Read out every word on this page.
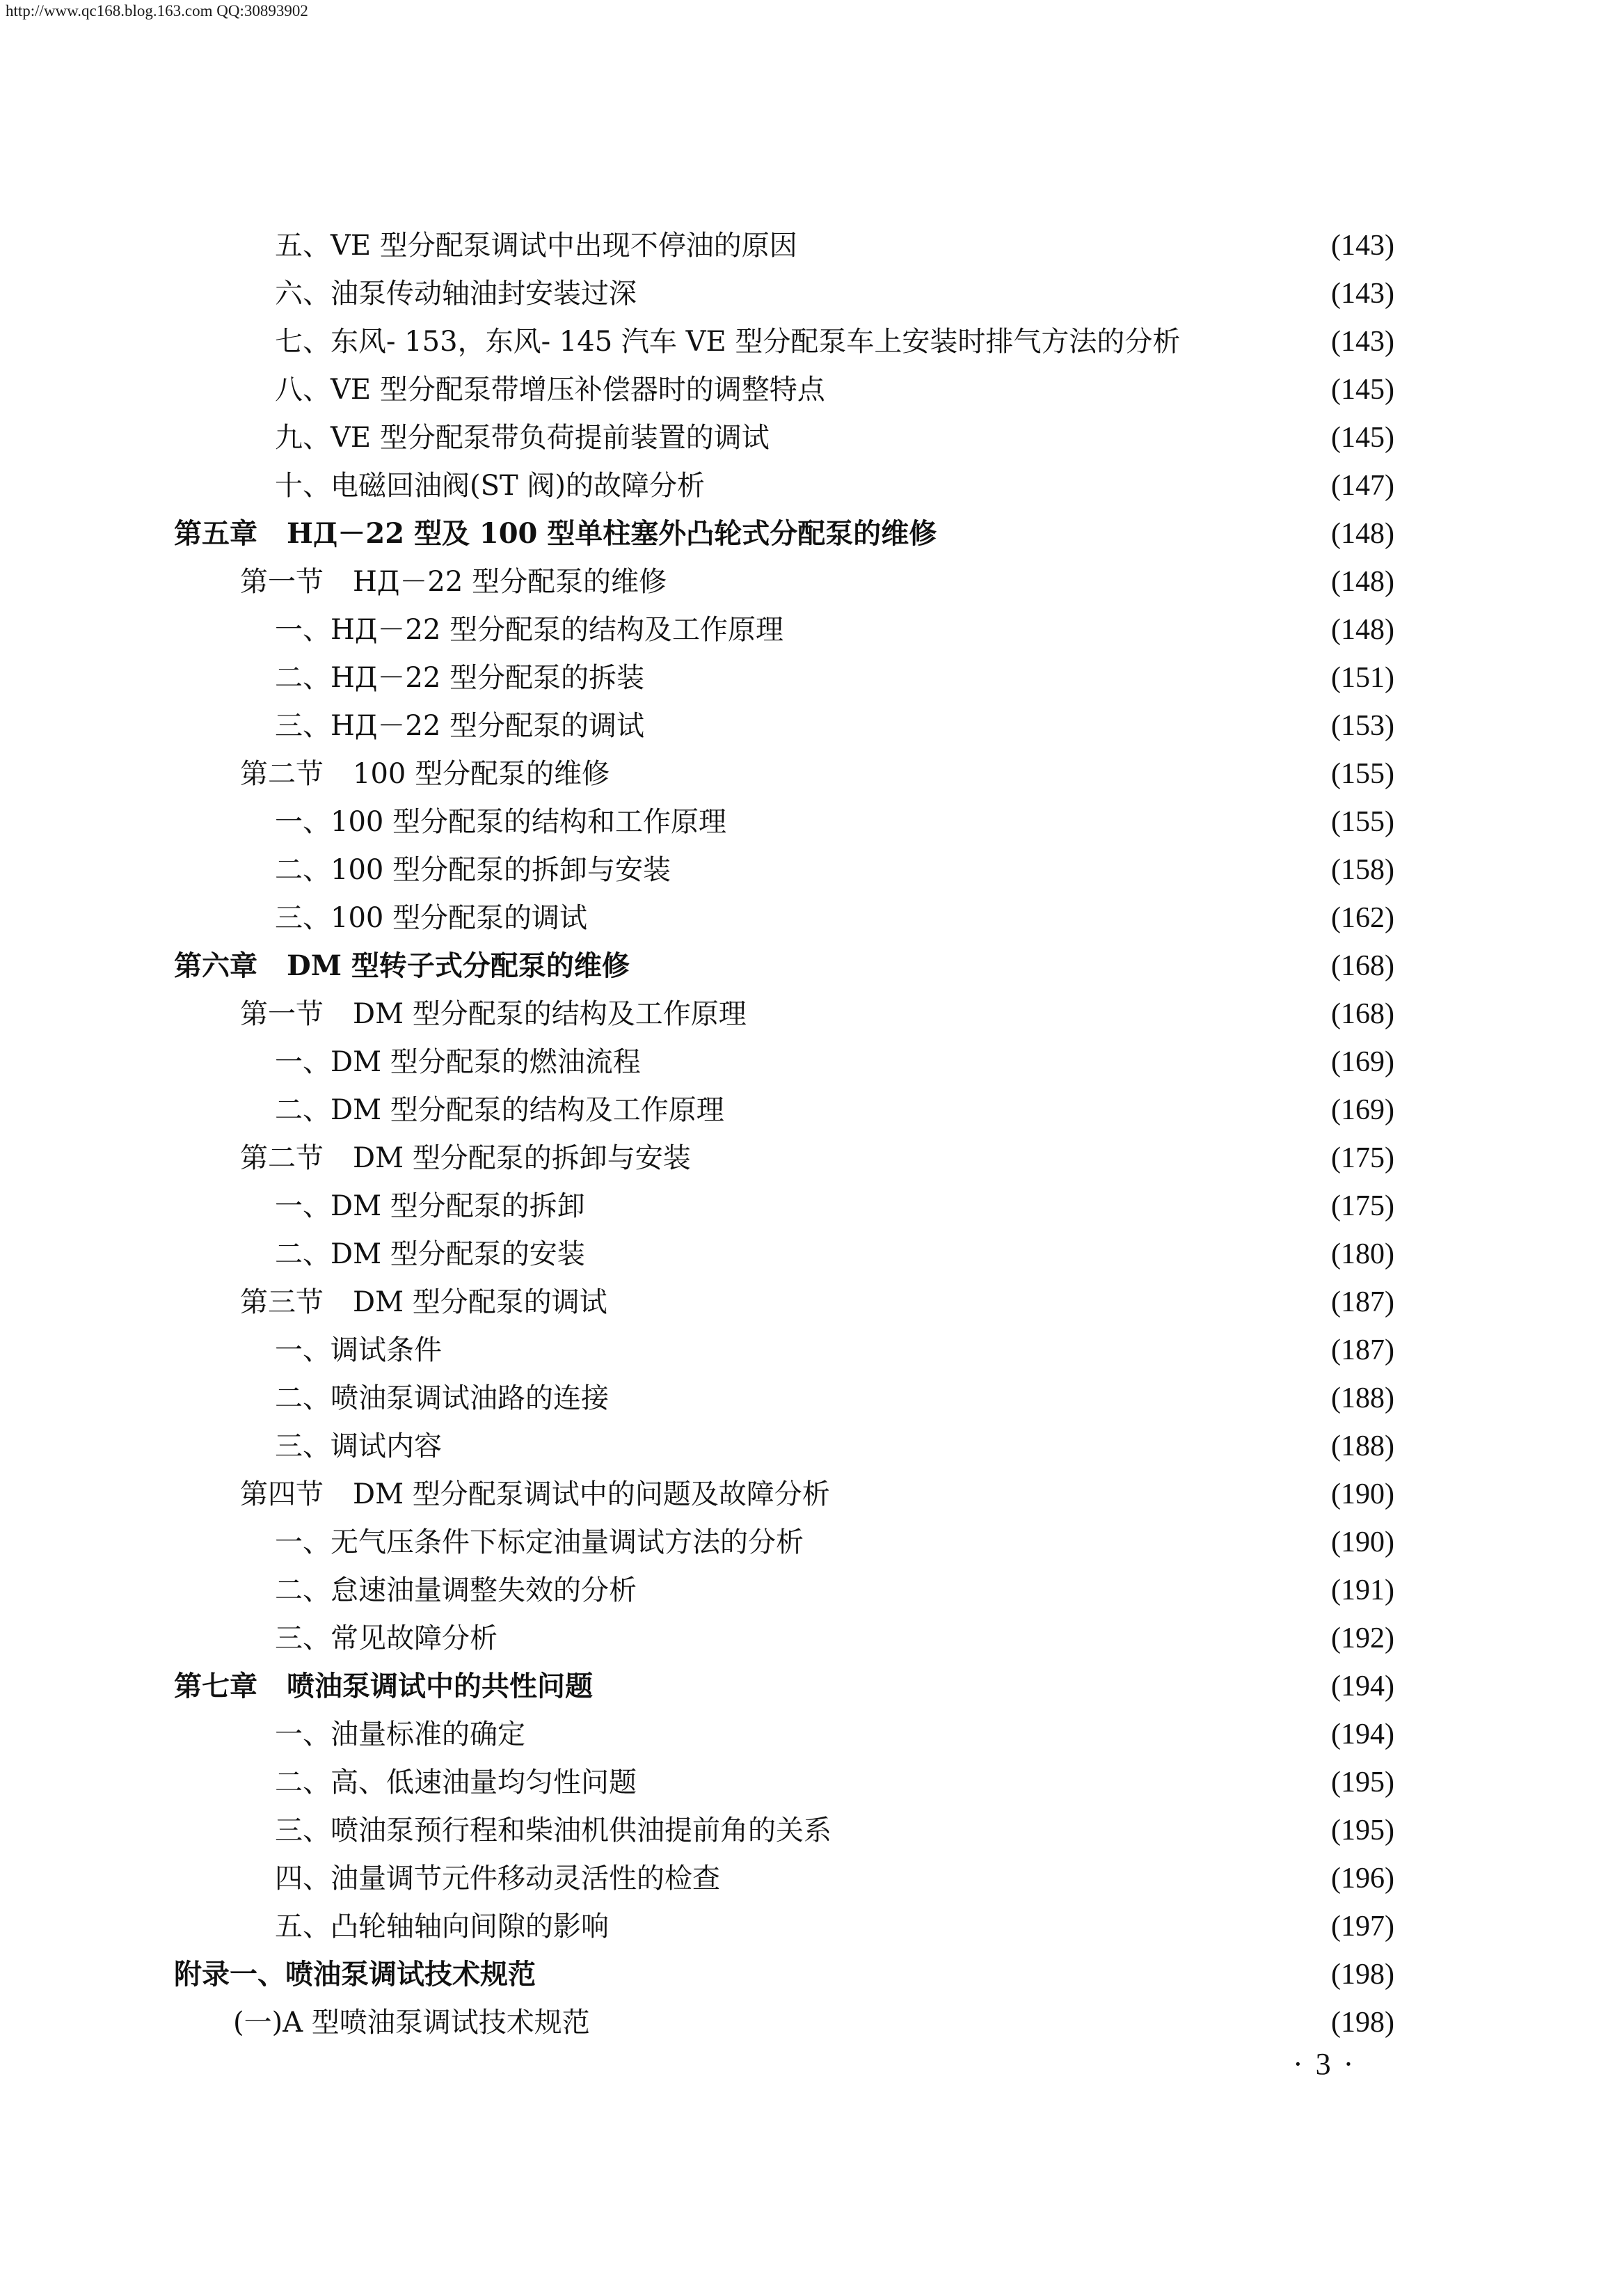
http://www.qc168.blog.163.com QQ:30893902
五、VE 型分配泵调试中出现不停油的原因	(143)
六、油泵传动轴油封安装过深	(143)
七、东风- 153，东风- 145 汽车 VE 型分配泵车上安装时排气方法的分析	(143)
八、VE 型分配泵带增压补偿器时的调整特点	(145)
九、VE 型分配泵带负荷提前装置的调试	(145)
十、电磁回油阀(ST 阀)的故障分析	(147)
第五章 HД－22 型及 100 型单柱塞外凸轮式分配泵的维修	(148)
第一节 HД－22 型分配泵的维修	(148)
一、HД－22 型分配泵的结构及工作原理	(148)
二、HД－22 型分配泵的拆装	(151)
三、HД－22 型分配泵的调试	(153)
第二节 100 型分配泵的维修	(155)
一、100 型分配泵的结构和工作原理	(155)
二、100 型分配泵的拆卸与安装	(158)
三、100 型分配泵的调试	(162)
第六章 DM 型转子式分配泵的维修	(168)
第一节 DM 型分配泵的结构及工作原理	(168)
一、DM 型分配泵的燃油流程	(169)
二、DM 型分配泵的结构及工作原理	(169)
第二节 DM 型分配泵的拆卸与安装	(175)
一、DM 型分配泵的拆卸	(175)
二、DM 型分配泵的安装	(180)
第三节 DM 型分配泵的调试	(187)
一、调试条件	(187)
二、喷油泵调试油路的连接	(188)
三、调试内容	(188)
第四节 DM 型分配泵调试中的问题及故障分析	(190)
一、无气压条件下标定油量调试方法的分析	(190)
二、怠速油量调整失效的分析	(191)
三、常见故障分析	(192)
第七章 喷油泵调试中的共性问题	(194)
一、油量标准的确定	(194)
二、高、低速油量均匀性问题	(195)
三、喷油泵预行程和柴油机供油提前角的关系	(195)
四、油量调节元件移动灵活性的检查	(196)
五、凸轮轴轴向间隙的影响	(197)
附录一、喷油泵调试技术规范	(198)
(一)A 型喷油泵调试技术规范	(198)
· 3 ·
